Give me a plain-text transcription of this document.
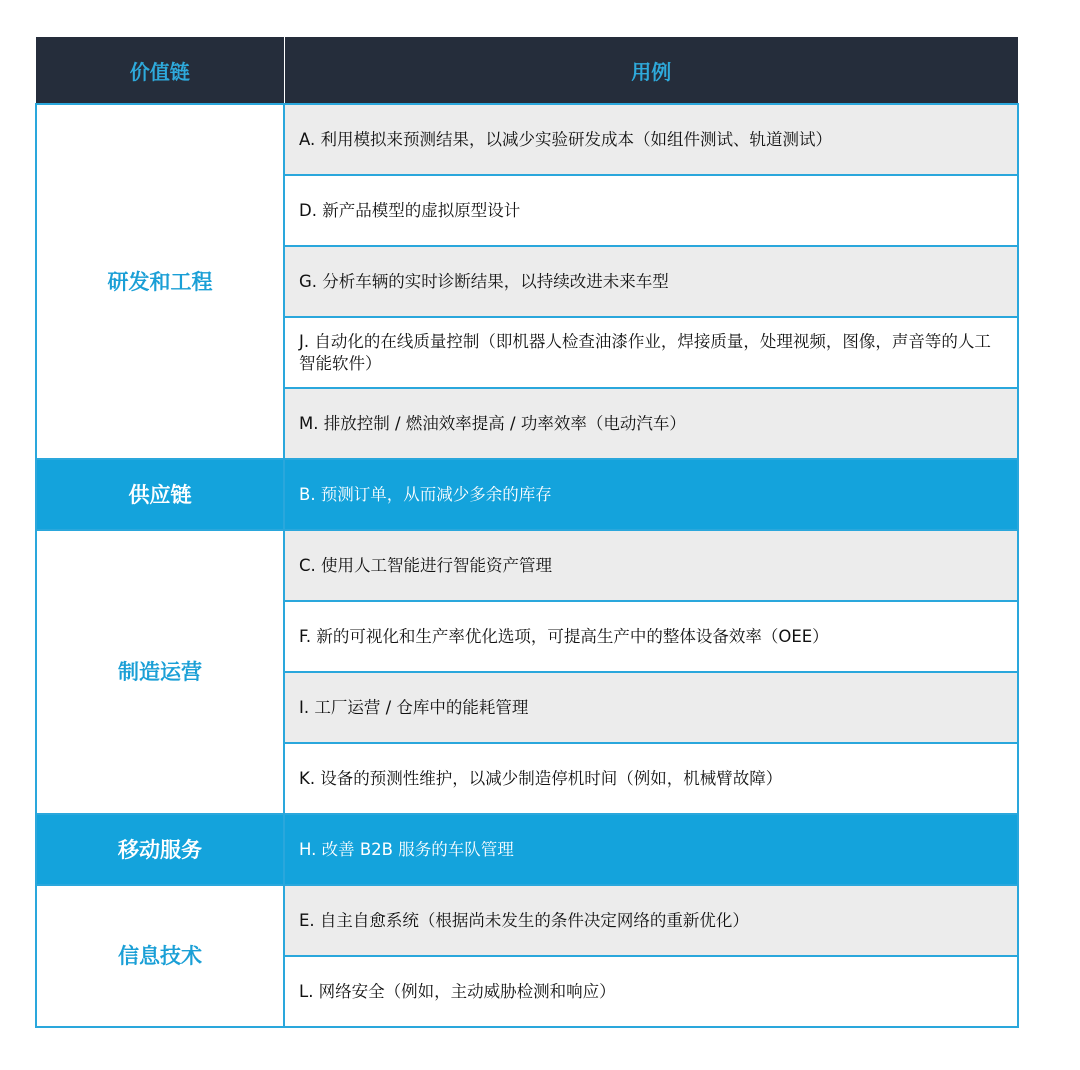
价值链	用例
研发和工程	A. 利用模拟来预测结果，以减少实验研发成本（如组件测试、轨道测试）
	D. 新产品模型的虚拟原型设计
	G. 分析车辆的实时诊断结果，以持续改进未来车型
	J. 自动化的在线质量控制（即机器人检查油漆作业，焊接质量，处理视频，图像，声音等的人工智能软件）
	M. 排放控制 / 燃油效率提高 / 功率效率（电动汽车）
供应链	B. 预测订单，从而减少多余的库存
制造运营	C. 使用人工智能进行智能资产管理
	F. 新的可视化和生产率优化选项，可提高生产中的整体设备效率（OEE）
	I. 工厂运营 / 仓库中的能耗管理
	K. 设备的预测性维护，以减少制造停机时间（例如，机械臂故障）
移动服务	H. 改善 B2B 服务的车队管理
信息技术	E. 自主自愈系统（根据尚未发生的条件决定网络的重新优化）
	L. 网络安全（例如，主动威胁检测和响应）
